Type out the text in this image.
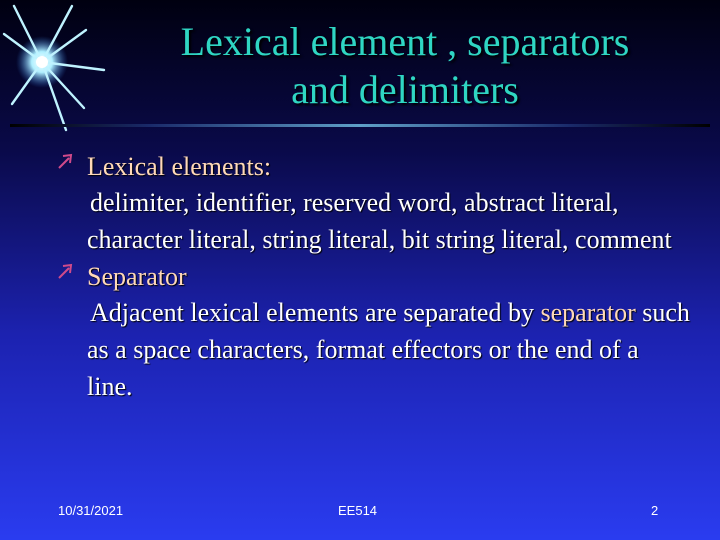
Lexical element , separators
and delimiters
Lexical elements:
delimiter, identifier, reserved word, abstract literal, character literal, string literal, bit string literal, comment
Separator
Adjacent lexical elements are separated by separator such as a space characters, format effectors or the end of a line.
10/31/2021	EE514	2
